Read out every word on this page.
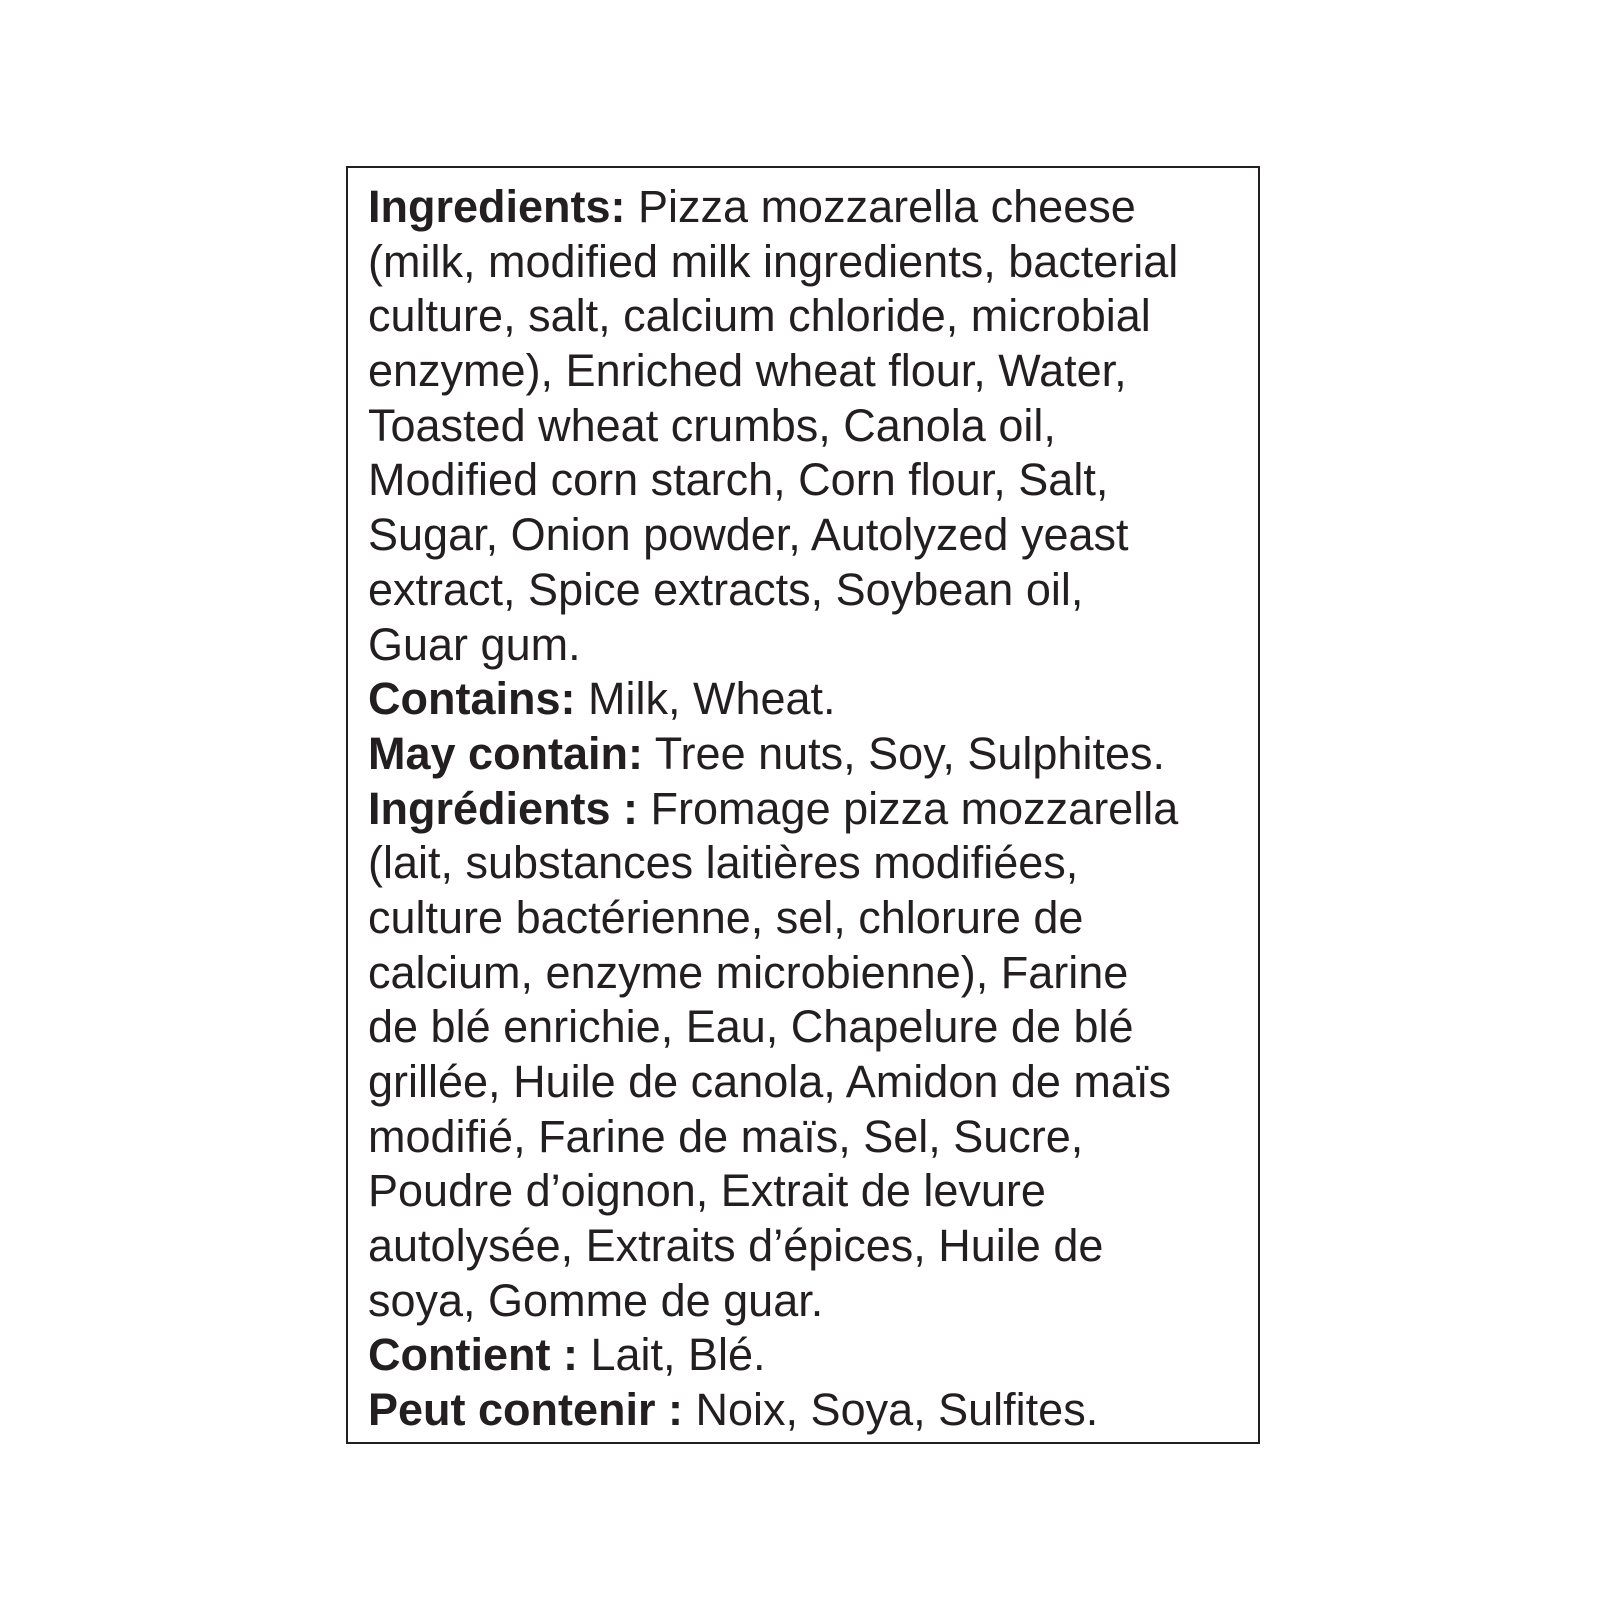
Ingredients: Pizza mozzarella cheese
(milk, modified milk ingredients, bacterial
culture, salt, calcium chloride, microbial
enzyme), Enriched wheat flour, Water,
Toasted wheat crumbs, Canola oil,
Modified corn starch, Corn flour, Salt,
Sugar, Onion powder, Autolyzed yeast
extract, Spice extracts, Soybean oil,
Guar gum.
Contains: Milk, Wheat.
May contain: Tree nuts, Soy, Sulphites.
Ingrédients : Fromage pizza mozzarella
(lait, substances laitières modifiées,
culture bactérienne, sel, chlorure de
calcium, enzyme microbienne), Farine
de blé enrichie, Eau, Chapelure de blé
grillée, Huile de canola, Amidon de maïs
modifié, Farine de maïs, Sel, Sucre,
Poudre d’oignon, Extrait de levure
autolysée, Extraits d’épices, Huile de
soya, Gomme de guar.
Contient : Lait, Blé.
Peut contenir : Noix, Soya, Sulfites.
